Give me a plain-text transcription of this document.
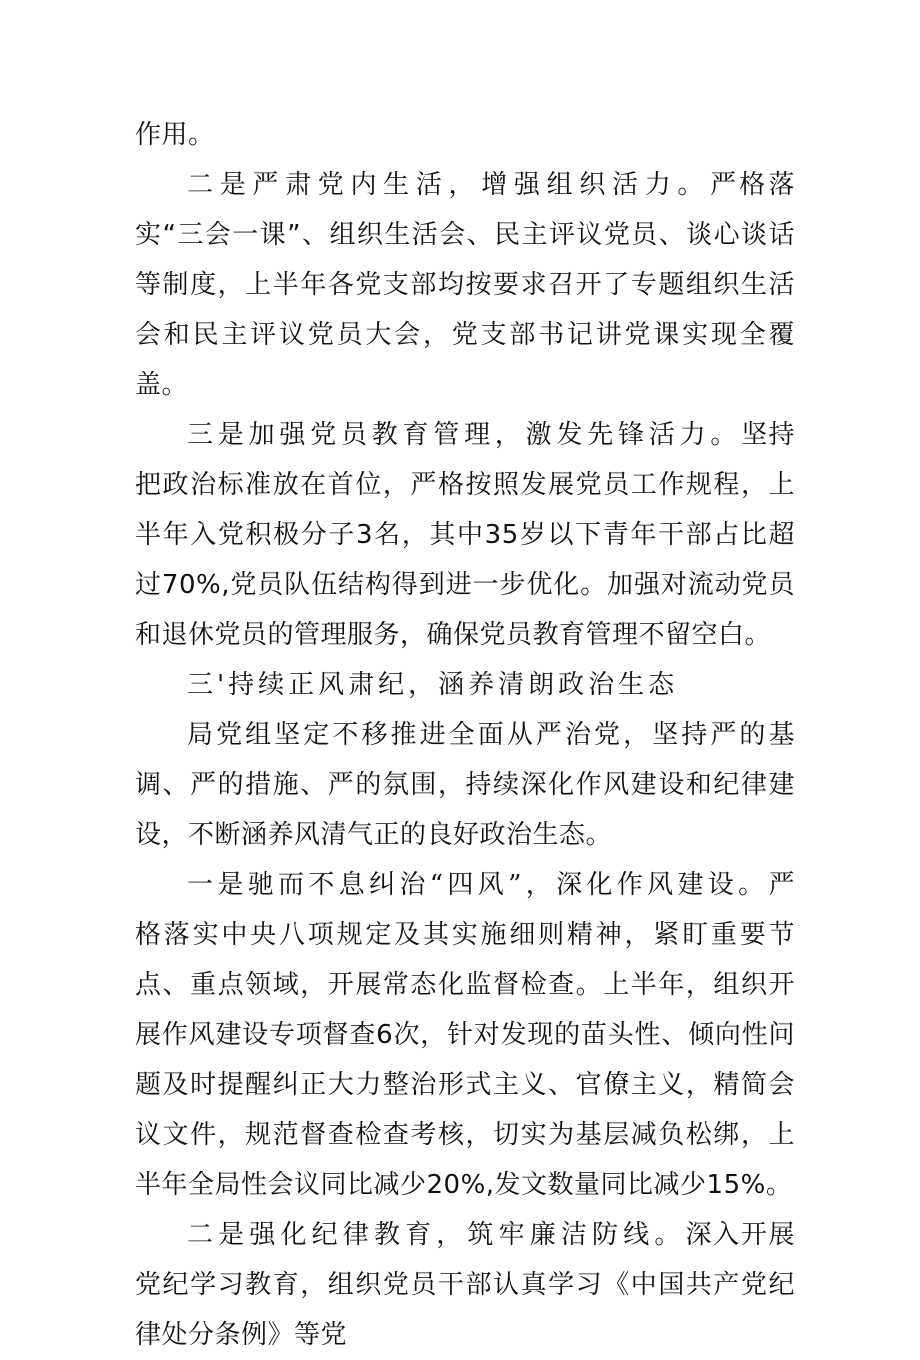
作用。

二是严肃党内生活，增强组织活力。严格落实“三会一课”、组织生活会、民主评议党员、谈心谈话等制度，上半年各党支部均按要求召开了专题组织生活会和民主评议党员大会，党支部书记讲党课实现全覆盖。

三是加强党员教育管理，激发先锋活力。坚持把政治标准放在首位，严格按照发展党员工作规程，上半年入党积极分子3名，其中35岁以下青年干部占比超过70%,党员队伍结构得到进一步优化。加强对流动党员和退休党员的管理服务，确保党员教育管理不留空白。

三'持续正风肃纪，涵养清朗政治生态

局党组坚定不移推进全面从严治党，坚持严的基调、严的措施、严的氛围，持续深化作风建设和纪律建设，不断涵养风清气正的良好政治生态。

一是驰而不息纠治“四风”，深化作风建设。严格落实中央八项规定及其实施细则精神，紧盯重要节点、重点领域，开展常态化监督检查。上半年，组织开展作风建设专项督查6次，针对发现的苗头性、倾向性问题及时提醒纠正大力整治形式主义、官僚主义，精简会议文件，规范督查检查考核，切实为基层减负松绑，上半年全局性会议同比减少20%,发文数量同比减少15%。

二是强化纪律教育，筑牢廉洁防线。深入开展党纪学习教育，组织党员干部认真学习《中国共产党纪律处分条例》等党
